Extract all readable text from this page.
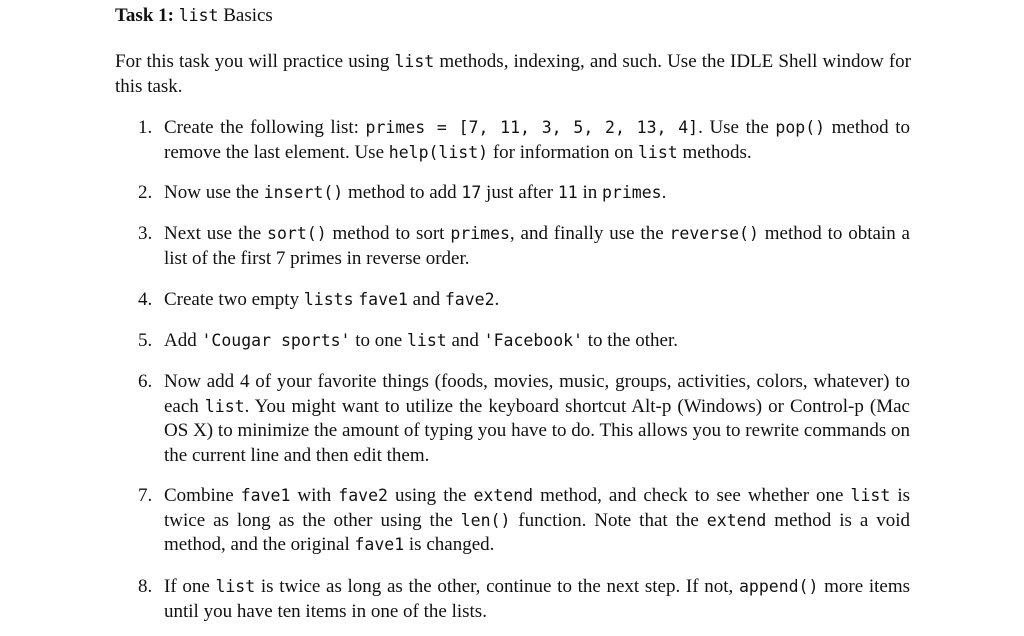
Task 1: list Basics
For this task you will practice using list methods, indexing, and such. Use the IDLE Shell window for this task.
1. Create the following list: primes = [7, 11, 3, 5, 2, 13, 4]. Use the pop() method to remove the last element. Use help(list) for information on list methods.
2. Now use the insert() method to add 17 just after 11 in primes.
3. Next use the sort() method to sort primes, and finally use the reverse() method to obtain a list of the first 7 primes in reverse order.
4. Create two empty lists fave1 and fave2.
5. Add 'Cougar sports' to one list and 'Facebook' to the other.
6. Now add 4 of your favorite things (foods, movies, music, groups, activities, colors, whatever) to each list. You might want to utilize the keyboard shortcut Alt-p (Windows) or Control-p (Mac OS X) to minimize the amount of typing you have to do. This allows you to rewrite commands on the current line and then edit them.
7. Combine fave1 with fave2 using the extend method, and check to see whether one list is twice as long as the other using the len() function. Note that the extend method is a void method, and the original fave1 is changed.
8. If one list is twice as long as the other, continue to the next step. If not, append() more items until you have ten items in one of the lists.
